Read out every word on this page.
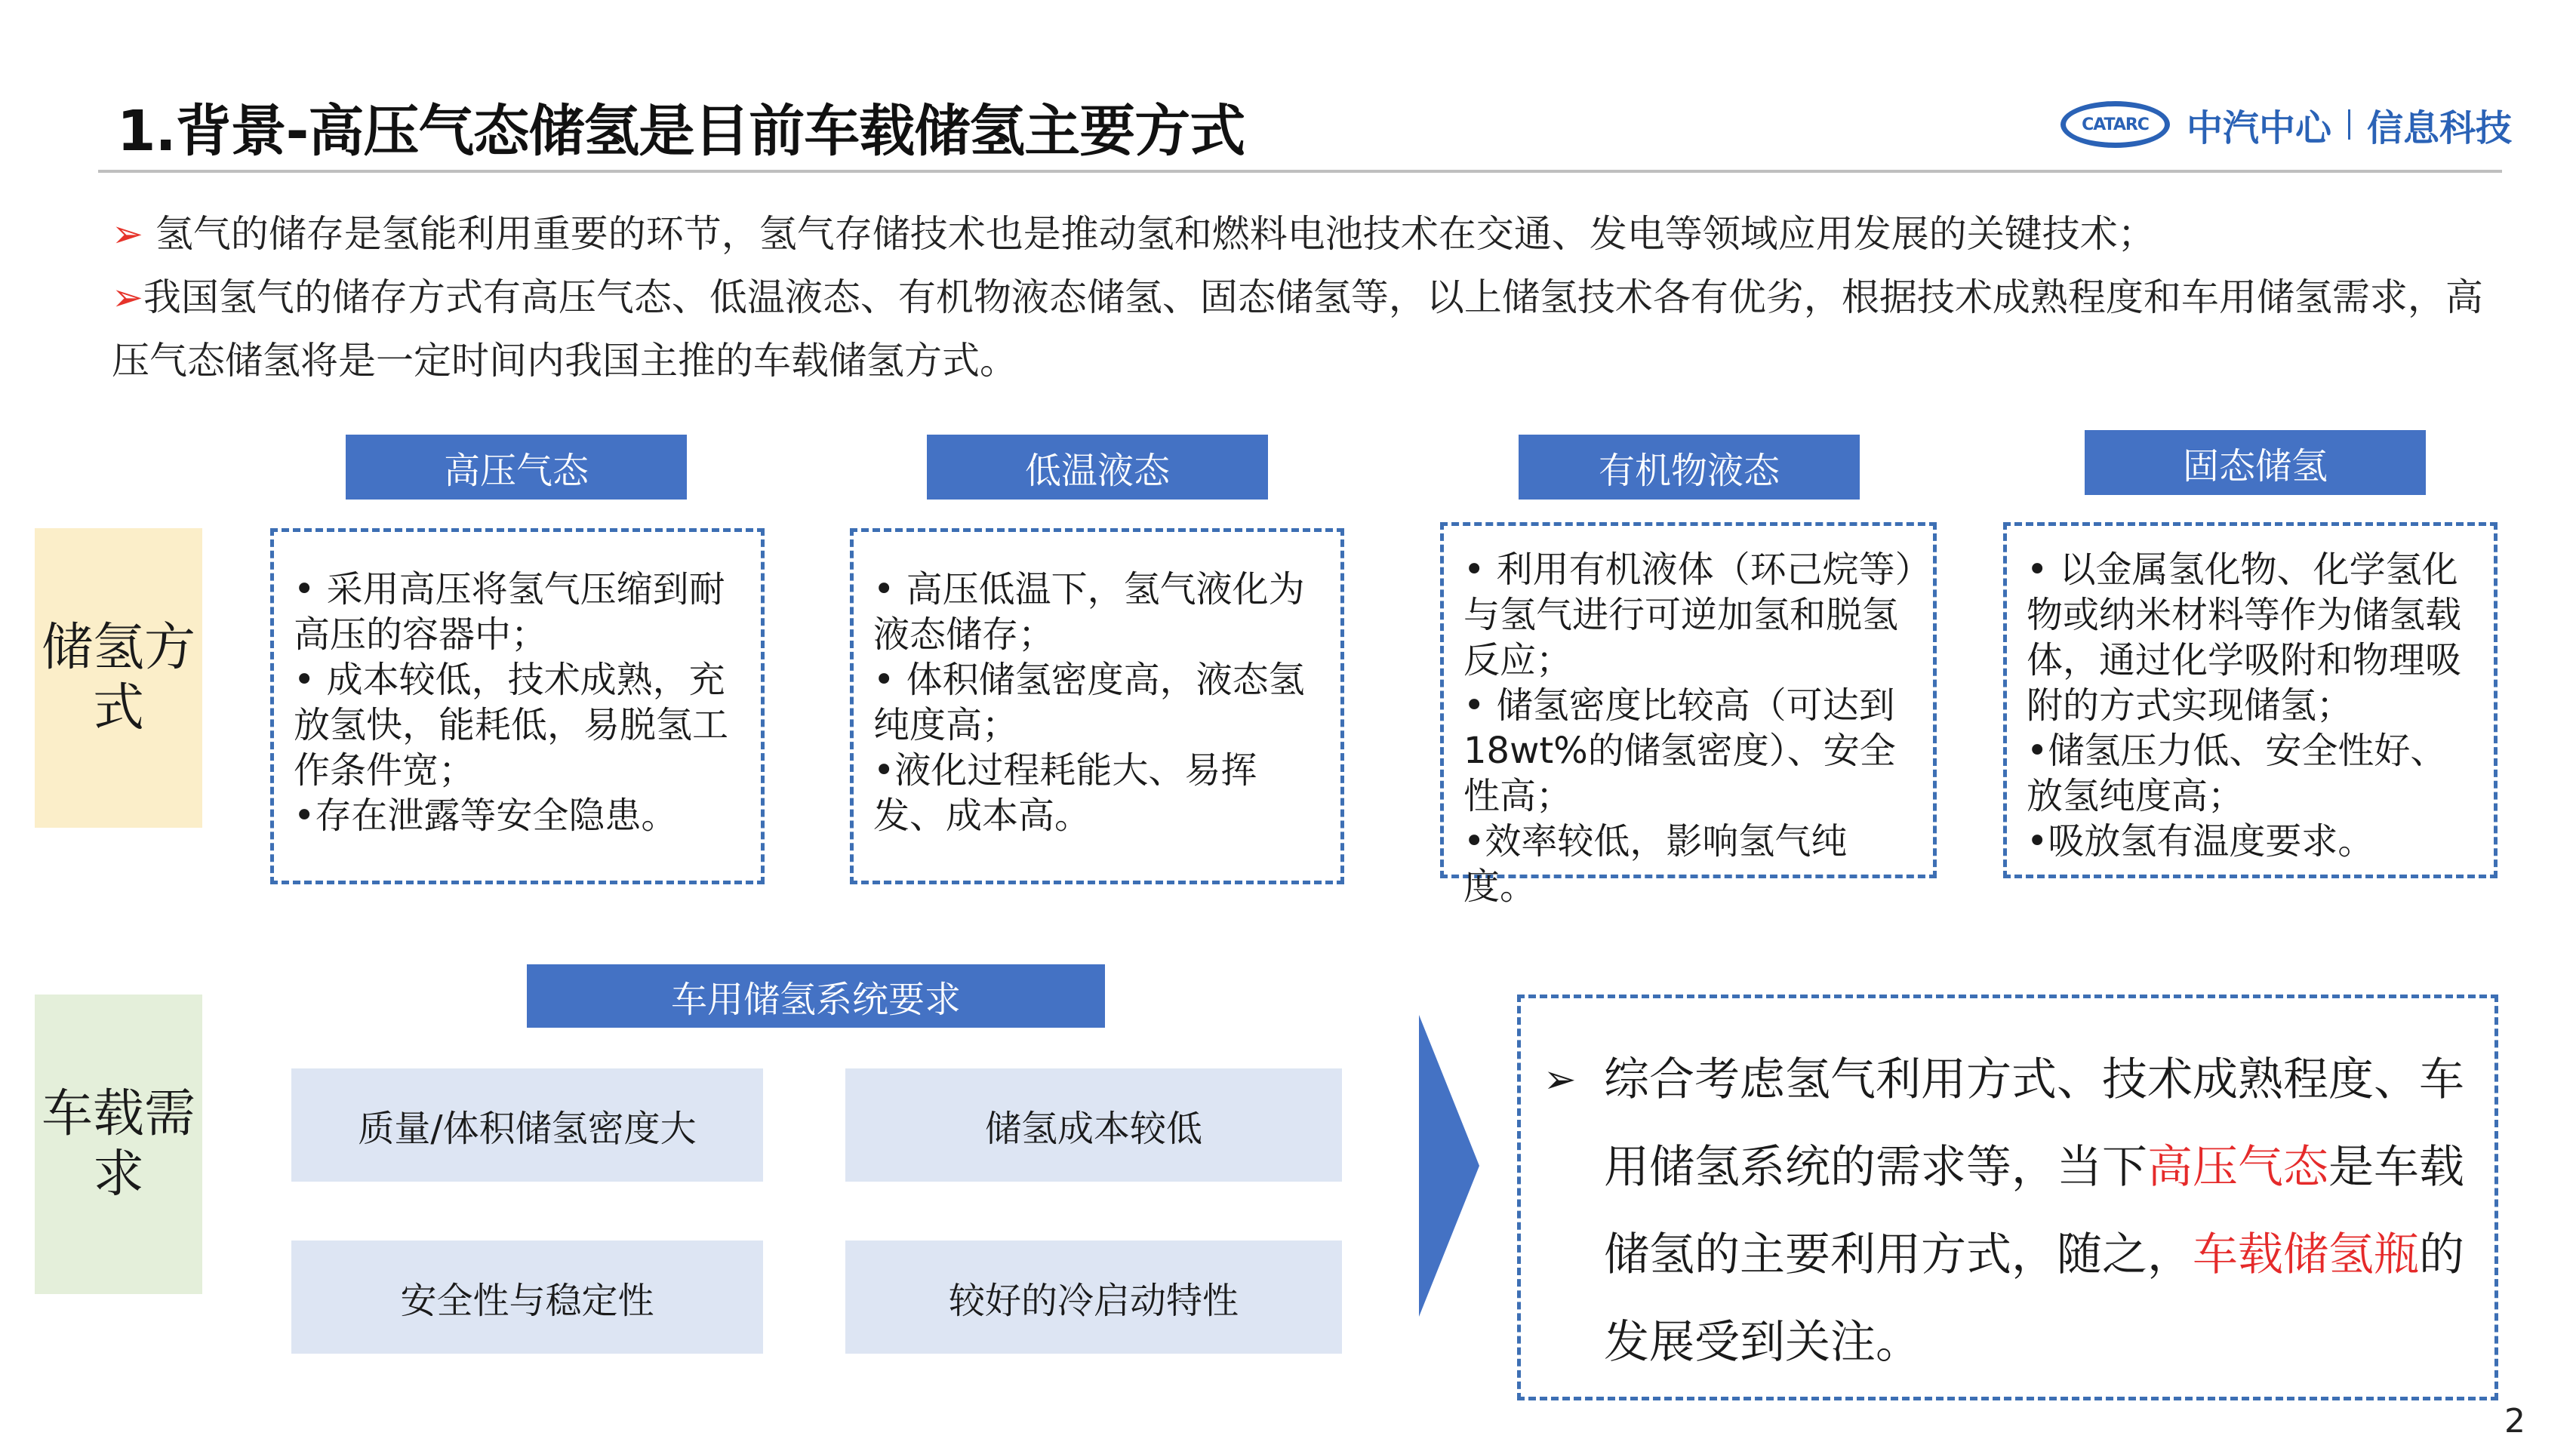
1.背景-高压气态储氢是目前车载储氢主要方式	CATARC 中汽中心 信息科技

➢ 氢气的储存是氢能利用重要的环节，氢气存储技术也是推动氢和燃料电池技术在交通、发电等领域应用发展的关键技术；

➢我国氢气的储存方式有高压气态、低温液态、有机物液态储氢、固态储氢等，以上储氢技术各有优劣，根据技术成熟程度和车用储氢需求，高压气态储氢将是一定时间内我国主推的车载储氢方式。

储氢方式
高压气态	低温液态	有机物液态	固态储氢

• 采用高压将氢气压缩到耐高压的容器中；

• 成本较低，技术成熟，充放氢快，能耗低，易脱氢工作条件宽；

•存在泄露等安全隐患。

• 高压低温下，氢气液化为液态储存；

• 体积储氢密度高，液态氢纯度高；

•液化过程耗能大、易挥发、成本高。

• 利用有机液体（环己烷等）与氢气进行可逆加氢和脱氢反应；

• 储氢密度比较高（可达到18wt%的储氢密度）、安全性高；

•效率较低，影响氢气纯度。

• 以金属氢化物、化学氢化物或纳米材料等作为储氢载体，通过化学吸附和物理吸附的方式实现储氢；

•储氢压力低、安全性好、放氢纯度高；

•吸放氢有温度要求。

车载需求
车用储氢系统要求
质量/体积储氢密度大	储氢成本较低
安全性与稳定性	较好的冷启动特性
➢ 综合考虑氢气利用方式、技术成熟程度、车用储氢系统的需求等，当下高压气态是车载储氢的主要利用方式，随之，车载储氢瓶的发展受到关注。
2
